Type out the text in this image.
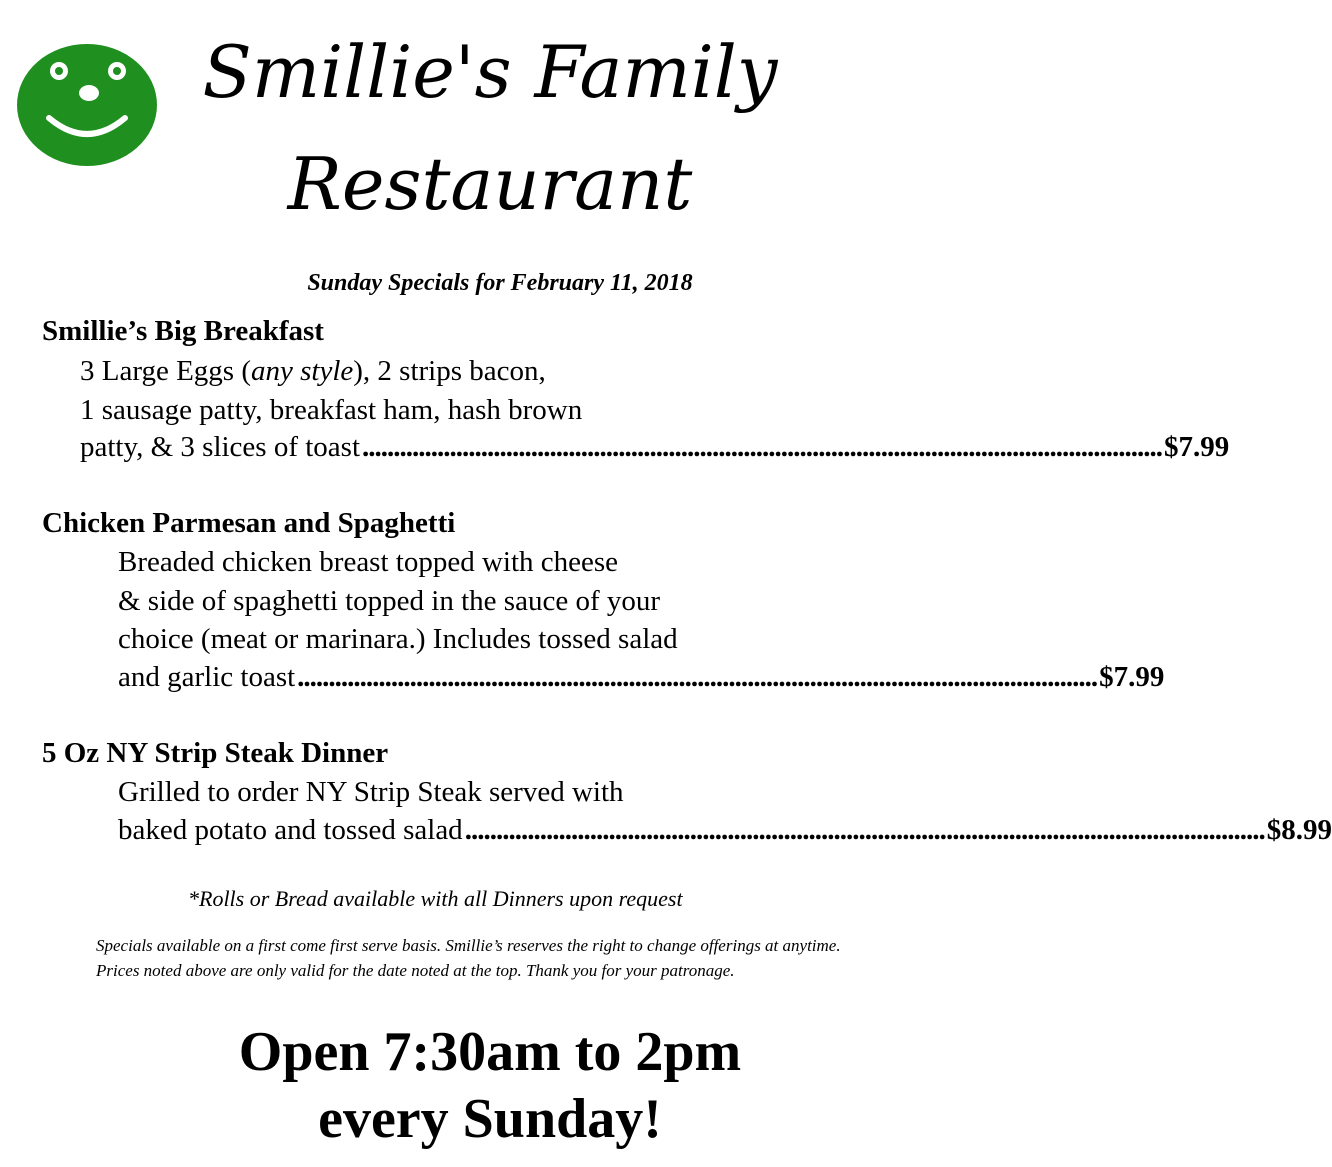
Smillie's Family
Restaurant
Sunday Specials for February 11, 2018
Smillie’s Big Breakfast
3 Large Eggs (any style), 2 strips bacon,
1 sausage patty, breakfast ham, hash brown
patty, & 3 slices of toast ................................................................................................................................ $7.99
Chicken Parmesan and Spaghetti
Breaded chicken breast topped with cheese
& side of spaghetti topped in the sauce of your
choice (meat or marinara.) Includes tossed salad
and garlic toast ................................................................................................................................ $7.99
5 Oz NY Strip Steak Dinner
Grilled to order NY Strip Steak served with
baked potato and tossed salad ................................................................................................................................ $8.99
*Rolls or Bread available with all Dinners upon request
Specials available on a first come first serve basis. Smillie’s reserves the right to change offerings at anytime. Prices noted above are only valid for the date noted at the top. Thank you for your patronage.
Open 7:30am to 2pm
every Sunday!
